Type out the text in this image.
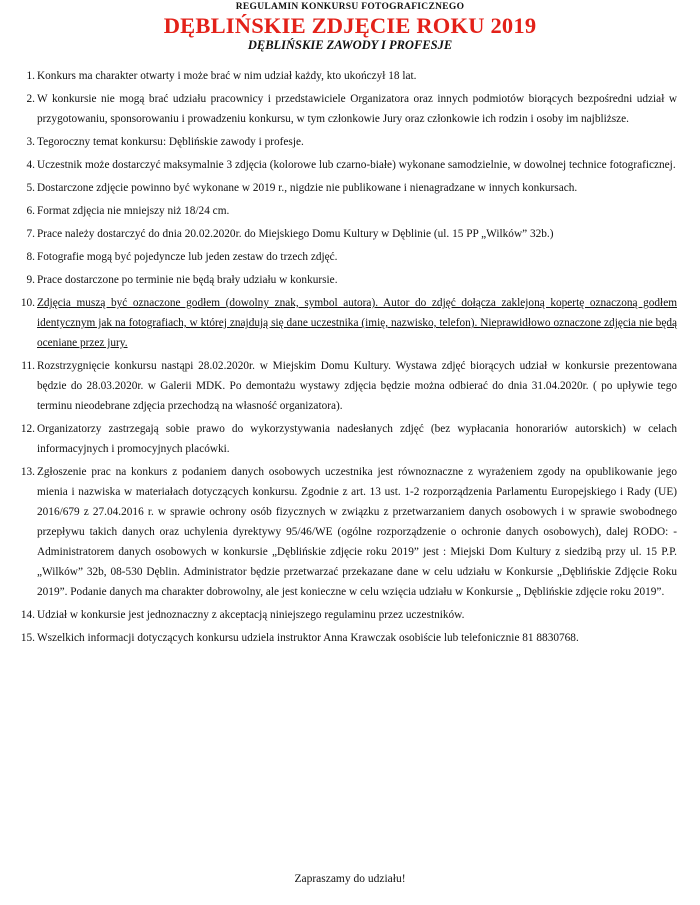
REGULAMIN KONKURSU FOTOGRAFICZNEGO
DĘBLIŃSKIE ZDJĘCIE ROKU 2019
DĘBLIŃSKIE ZAWODY I PROFESJE
1. Konkurs ma charakter otwarty i może brać w nim udział każdy, kto ukończył 18 lat.
2. W konkursie nie mogą brać udziału pracownicy i przedstawiciele Organizatora oraz innych podmiotów biorących bezpośredni udział w przygotowaniu, sponsorowaniu i prowadzeniu konkursu, w tym członkowie Jury oraz członkowie ich rodzin i osoby im najbliższe.
3. Tegoroczny temat konkursu: Dęblińskie zawody i profesje.
4. Uczestnik może dostarczyć maksymalnie 3 zdjęcia (kolorowe lub czarno-białe) wykonane samodzielnie, w dowolnej technice fotograficznej.
5. Dostarczone zdjęcie powinno być wykonane w 2019 r., nigdzie nie publikowane i nienagradzane w innych konkursach.
6. Format zdjęcia nie mniejszy niż 18/24 cm.
7. Prace należy dostarczyć do dnia 20.02.2020r. do Miejskiego Domu Kultury w Dęblinie (ul. 15 PP „Wilków” 32b.)
8. Fotografie mogą być pojedyncze lub jeden zestaw do trzech zdjęć.
9. Prace dostarczone po terminie nie będą brały udziału w konkursie.
10. Zdjęcia muszą być oznaczone godłem (dowolny znak, symbol autora). Autor do zdjęć dołącza zaklejoną kopertę oznaczoną godłem identycznym jak na fotografiach, w której znajdują się dane uczestnika (imię, nazwisko, telefon). Nieprawidłowo oznaczone zdjęcia nie będą oceniane przez jury.
11. Rozstrzygnięcie konkursu nastąpi 28.02.2020r. w Miejskim Domu Kultury. Wystawa zdjęć biorących udział w konkursie prezentowana będzie do 28.03.2020r. w Galerii MDK. Po demontażu wystawy zdjęcia będzie można odbierać do dnia 31.04.2020r. ( po upływie tego terminu nieodebrane zdjęcia przechodzą na własność organizatora).
12. Organizatorzy zastrzegają sobie prawo do wykorzystywania nadesłanych zdjęć (bez wypłacania honorariów autorskich) w celach informacyjnych i promocyjnych placówki.
13. Zgłoszenie prac na konkurs z podaniem danych osobowych uczestnika jest równoznaczne z wyrażeniem zgody na opublikowanie jego mienia i nazwiska w materiałach dotyczących konkursu. Zgodnie z art. 13 ust. 1-2 rozporządzenia Parlamentu Europejskiego i Rady (UE) 2016/679 z 27.04.2016 r. w sprawie ochrony osób fizycznych w związku z przetwarzaniem danych osobowych i w sprawie swobodnego przepływu takich danych oraz uchylenia dyrektywy 95/46/WE (ogólne rozporządzenie o ochronie danych osobowych), dalej RODO: - Administratorem danych osobowych w konkursie „Dęblińskie zdjęcie roku 2019” jest : Miejski Dom Kultury z siedzibą przy ul. 15 P.P. „Wilków” 32b, 08-530 Dęblin. Administrator będzie przetwarzać przekazane dane w celu udziału w Konkursie „Dęblińskie Zdjęcie Roku 2019”. Podanie danych ma charakter dobrowolny, ale jest konieczne w celu wzięcia udziału w Konkursie „ Dęblińskie zdjęcie roku 2019”.
14. Udział w konkursie jest jednoznaczny z akceptacją niniejszego regulaminu przez uczestników.
15. Wszelkich informacji dotyczących konkursu udziela instruktor Anna Krawczak osobiście lub telefonicznie 81 8830768.
Zapraszamy do udziału!
